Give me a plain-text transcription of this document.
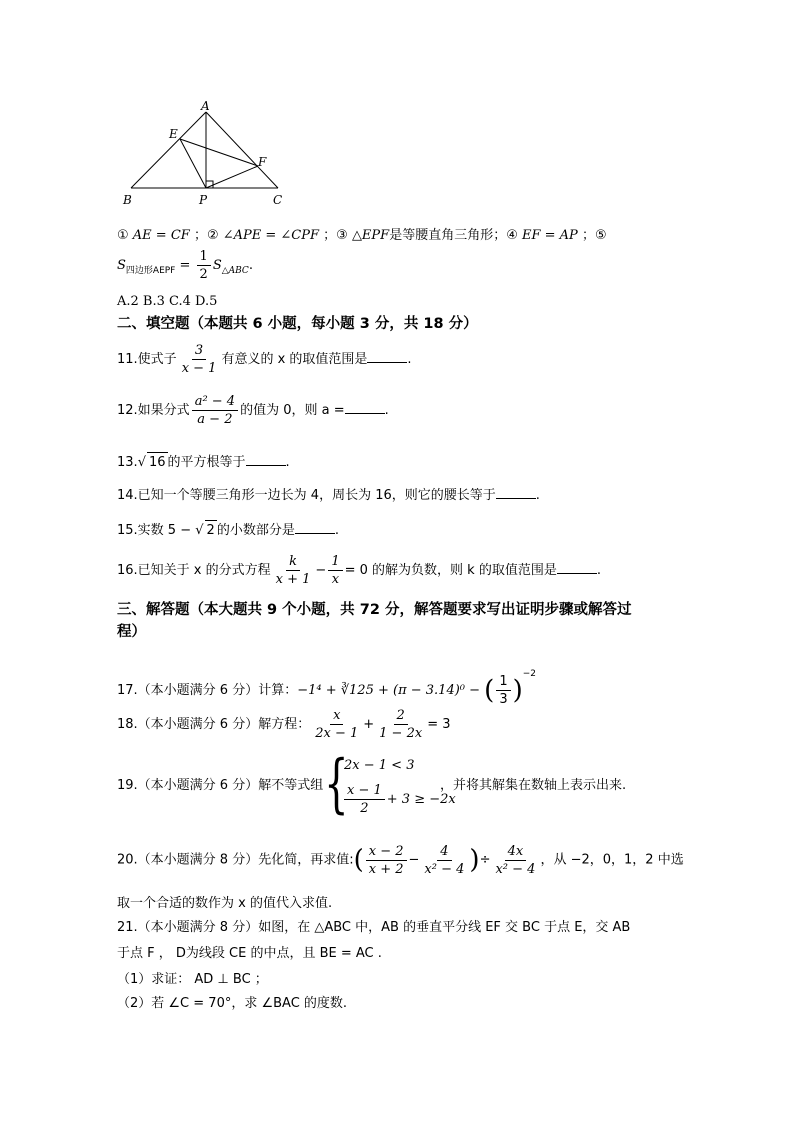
A
E
F
B	P	C
① AE = CF ；② ∠APE = ∠CPF ；③ △EPF是等腰直角三角形；④ EF = AP ；⑤
$S_{四边形AEPF} = \frac{1}{2} S_{\triangle ABC}$.
A.2 B.3 C.4 D.5
二、填空题（本题共 6 小题，每小题 3 分，共 18 分）
11.使式子 $\frac{3}{x - 1}$ 有意义的 x 的取值范围是	.
12.如果分式 $\frac{\text{a² − 4}}{a - 2}$ 的值为 0，则 a =	.
13.√ 16 的平方根等于	.
14.已知一个等腰三角形一边长为 4，周长为 16，则它的腰长等于	.
15.实数 5 − √ 2 的小数部分是	.
16.已知关于 x 的分式方程 $\frac{k}{x + 1} - \frac{1}{x} = 0$ 的解为负数，则 k 的取值范围是	.
三、解答题（本大题共 9 个小题，共 72 分，解答题要求写出证明步骤或解答过
程）
17.（本小题满分 6 分）计算：−1⁴ + ∛125 + (π − 3.14)⁰ − ( $\frac{1}{3} )^{-2}$
18.（本小题满分 6 分）解方程： $\frac{x}{2x - 1} + \frac{2}{1 - 2x} = 3$
19.（本小题满分 6 分）解不等式组 {
2x − 1 < 3
$\frac{x - 1}{2} + 3 \ge -2x$
，并将其解集在数轴上表示出来.
20.（本小题满分 8 分）先化简，再求值:( $\frac{x - 2}{x + 2} - \frac{4}{\text{x² − 4}}$ )÷ $\frac{4x}{\text{x² − 4}}$ ，从 −2，0，1，2 中选
取一个合适的数作为 x 的值代入求值.
21.（本小题满分 8 分）如图，在 △ABC 中，AB 的垂直平分线 EF 交 BC 于点 E，交 AB
于点 F ， D为线段 CE 的中点，且 BE = AC .
（1）求证： AD ⊥ BC ；
（2）若 ∠C = 70°，求 ∠BAC 的度数.
